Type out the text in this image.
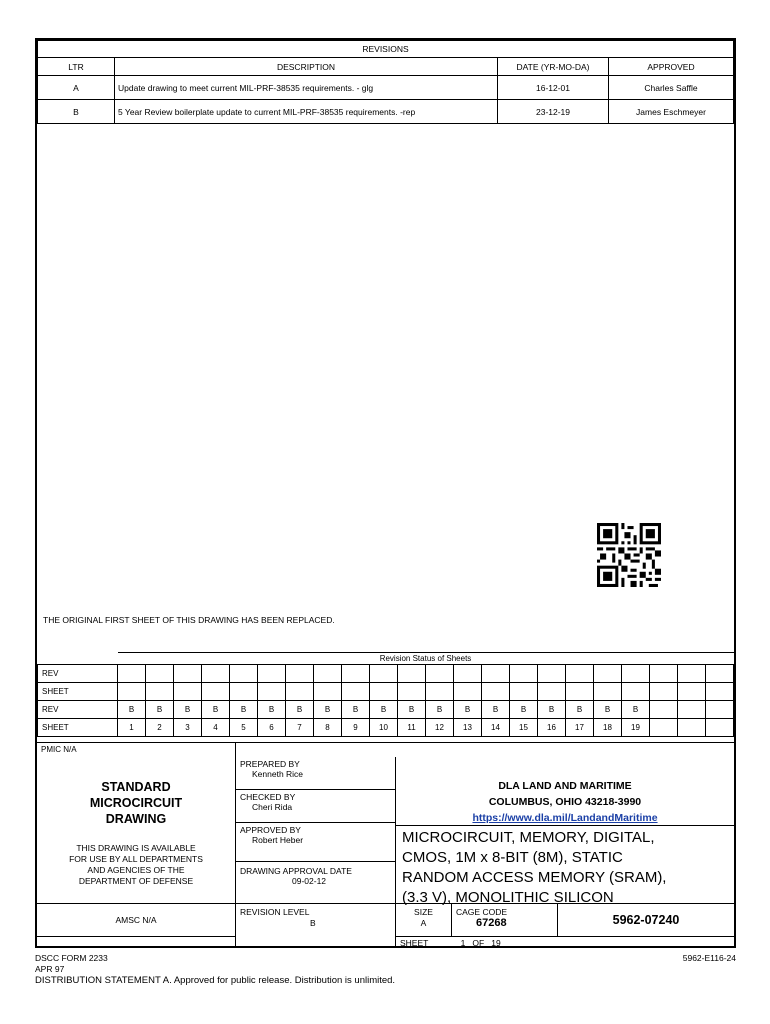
REVISIONS			
LTR	DESCRIPTION	DATE (YR-MO-DA)	APPROVED
A	Update drawing to meet current MIL-PRF-38535 requirements. - glg	16-12-01	Charles Saffle
B	5 Year Review boilerplate update to current MIL-PRF-38535 requirements. -rep	23-12-19	James Eschmeyer

THE ORIGINAL FIRST SHEET OF THIS DRAWING HAS BEEN REPLACED.
	Revision Status of Sheets																					
REV																						
SHEET																						
REV	B	B	B	B	B	B	B	B	B	B	B	B	B	B	B	B	B	B	B			
SHEET	1	2	3	4	5	6	7	8	9	10	11	12	13	14	15	16	17	18	19			
PMIC N/A
STANDARD
MICROCIRCUIT
DRAWING
THIS DRAWING IS AVAILABLE
FOR USE BY ALL DEPARTMENTS
AND AGENCIES OF THE
DEPARTMENT OF DEFENSE
PREPARED BY
Kenneth Rice
CHECKED BY
Cheri Rida
APPROVED BY
Robert Heber
DRAWING APPROVAL DATE
09-02-12
DLA LAND AND MARITIME
COLUMBUS, OHIO 43218-3990
https://www.dla.mil/LandandMaritime
MICROCIRCUIT, MEMORY, DIGITAL,
CMOS, 1M x 8-BIT (8M), STATIC
RANDOM ACCESS MEMORY (SRAM),
(3.3 V), MONOLITHIC SILICON
AMSC N/A
REVISION LEVEL
B
SIZE
A
CAGE CODE
67268	5962-07240
SHEET	1   OF   19
DSCC FORM 2233
APR 97
DISTRIBUTION STATEMENT A. Approved for public release. Distribution is unlimited.
5962-E116-24
